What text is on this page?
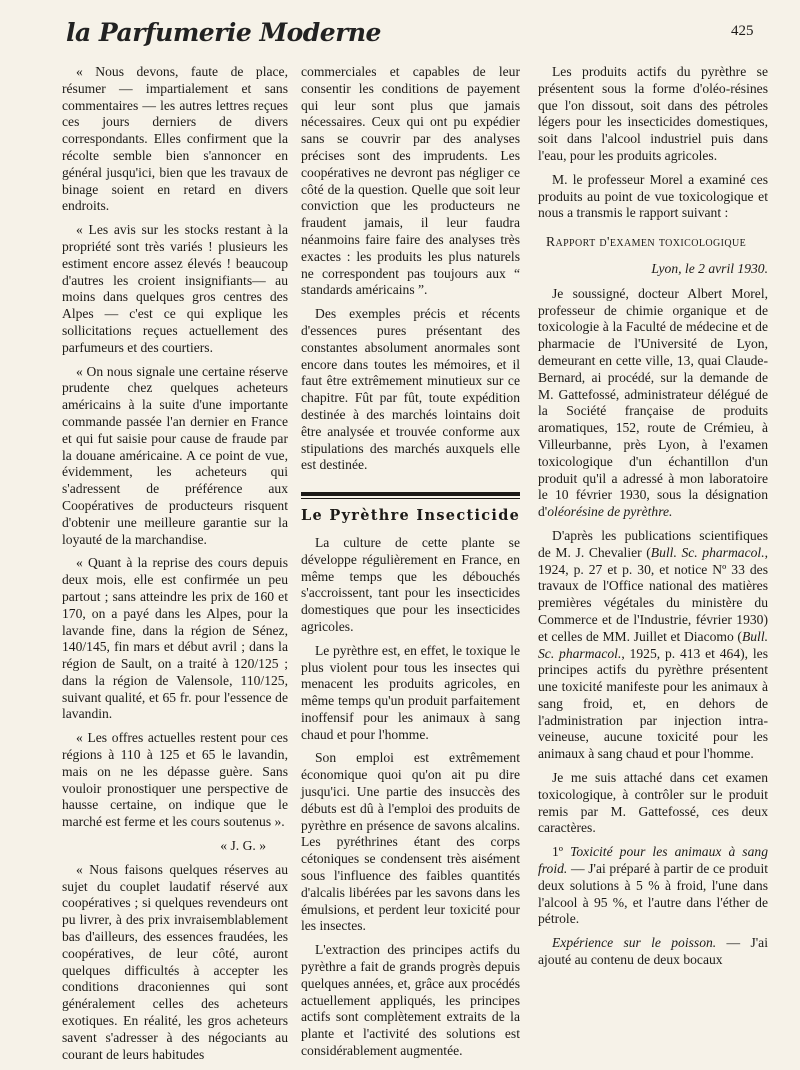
la Parfumerie Moderne	425

« Nous devons, faute de place, résumer — impartialement et sans commentaires — les autres lettres reçues ces jours derniers de divers correspondants. Elles confirment que la récolte semble bien s'annoncer en général jusqu'ici, bien que les travaux de binage soient en retard en divers endroits.

« Les avis sur les stocks restant à la propriété sont très variés ! plusieurs les estiment encore assez élevés ! beaucoup d'autres les croient insignifiants— au moins dans quelques gros centres des Alpes — c'est ce qui explique les sollicitations reçues actuellement des parfumeurs et des courtiers.

« On nous signale une certaine réserve prudente chez quelques acheteurs américains à la suite d'une importante commande passée l'an dernier en France et qui fut saisie pour cause de fraude par la douane américaine. A ce point de vue, évidemment, les acheteurs qui s'adressent de préférence aux Coopératives de producteurs risquent d'obtenir une meilleure garantie sur la loyauté de la marchandise.

« Quant à la reprise des cours depuis deux mois, elle est confirmée un peu partout ; sans atteindre les prix de 160 et 170, on a payé dans les Alpes, pour la lavande fine, dans la région de Sénez, 140/145, fin mars et début avril ; dans la région de Sault, on a traité à 120/125 ; dans la région de Valensole, 110/125, suivant qualité, et 65 fr. pour l'essence de lavandin.

« Les offres actuelles restent pour ces régions à 110 à 125 et 65 le lavandin, mais on ne les dépasse guère. Sans vouloir pronostiquer une perspective de hausse certaine, on indique que le marché est ferme et les cours soutenus ».

« J. G. »

« Nous faisons quelques réserves au sujet du couplet laudatif réservé aux coopératives ; si quelques revendeurs ont pu livrer, à des prix invraisemblablement bas d'ailleurs, des essences fraudées, les coopératives, de leur côté, auront quelques difficultés à accepter les conditions draconiennes qui sont généralement celles des acheteurs exotiques. En réalité, les gros acheteurs savent s'adresser à des négociants au courant de leurs habitudes

commerciales et capables de leur consentir les conditions de payement qui leur sont plus que jamais nécessaires. Ceux qui ont pu expédier sans se couvrir par des analyses précises sont des imprudents. Les coopératives ne devront pas négliger ce côté de la question. Quelle que soit leur conviction que les producteurs ne fraudent jamais, il leur faudra néanmoins faire faire des analyses très exactes : les produits les plus naturels ne correspondent pas toujours aux “ standards américains ”.

Des exemples précis et récents d'essences pures présentant des constantes absolument anormales sont encore dans toutes les mémoires, et il faut être extrêmement minutieux sur ce chapitre. Fût par fût, toute expédition destinée à des marchés lointains doit être analysée et trouvée conforme aux stipulations des marchés auxquels elle est destinée.

Le Pyrèthre Insecticide

La culture de cette plante se développe régulièrement en France, en même temps que les débouchés s'accroissent, tant pour les insecticides domestiques que pour les insecticides agricoles.

Le pyrèthre est, en effet, le toxique le plus violent pour tous les insectes qui menacent les produits agricoles, en même temps qu'un produit parfaitement inoffensif pour les animaux à sang chaud et pour l'homme.

Son emploi est extrêmement économique quoi qu'on ait pu dire jusqu'ici. Une partie des insuccès des débuts est dû à l'emploi des produits de pyrèthre en présence de savons alcalins. Les pyréthrines étant des corps cétoniques se condensent très aisément sous l'influence des faibles quantités d'alcalis libérées par les savons dans les émulsions, et perdent leur toxicité pour les insectes.

L'extraction des principes actifs du pyrèthre a fait de grands progrès depuis quelques années, et, grâce aux procédés actuellement appliqués, les principes actifs sont complètement extraits de la plante et l'activité des solutions est considérablement augmentée.

Les produits actifs du pyrèthre se présentent sous la forme d'oléo-résines que l'on dissout, soit dans des pétroles légers pour les insecticides domestiques, soit dans l'alcool industriel puis dans l'eau, pour les produits agricoles.

M. le professeur Morel a examiné ces produits au point de vue toxicologique et nous a transmis le rapport suivant :

Rapport d'examen toxicologique
Lyon, le 2 avril 1930.

Je soussigné, docteur Albert Morel, professeur de chimie organique et de toxicologie à la Faculté de médecine et de pharmacie de l'Université de Lyon, demeurant en cette ville, 13, quai Claude-Bernard, ai procédé, sur la demande de M. Gattefossé, administrateur délégué de la Société française de produits aromatiques, 152, route de Crémieu, à Villeurbanne, près Lyon, à l'examen toxicologique d'un échantillon d'un produit qu'il a adressé à mon laboratoire le 10 février 1930, sous la désignation d'oléorésine de pyrèthre.

D'après les publications scientifiques de M. J. Chevalier (Bull. Sc. pharmacol., 1924, p. 27 et p. 30, et notice Nº 33 des travaux de l'Office national des matières premières végétales du ministère du Commerce et de l'Industrie, février 1930) et celles de MM. Juillet et Diacomo (Bull. Sc. pharmacol., 1925, p. 413 et 464), les principes actifs du pyrèthre présentent une toxicité manifeste pour les animaux à sang froid, et, en dehors de l'administration par injection intra-veineuse, aucune toxicité pour les animaux à sang chaud et pour l'homme.

Je me suis attaché dans cet examen toxicologique, à contrôler sur le produit remis par M. Gattefossé, ces deux caractères.

1º Toxicité pour les animaux à sang froid. — J'ai préparé à partir de ce produit deux solutions à 5 % à froid, l'une dans l'alcool à 95 %, et l'autre dans l'éther de pétrole.

Expérience sur le poisson. — J'ai ajouté au contenu de deux bocaux
